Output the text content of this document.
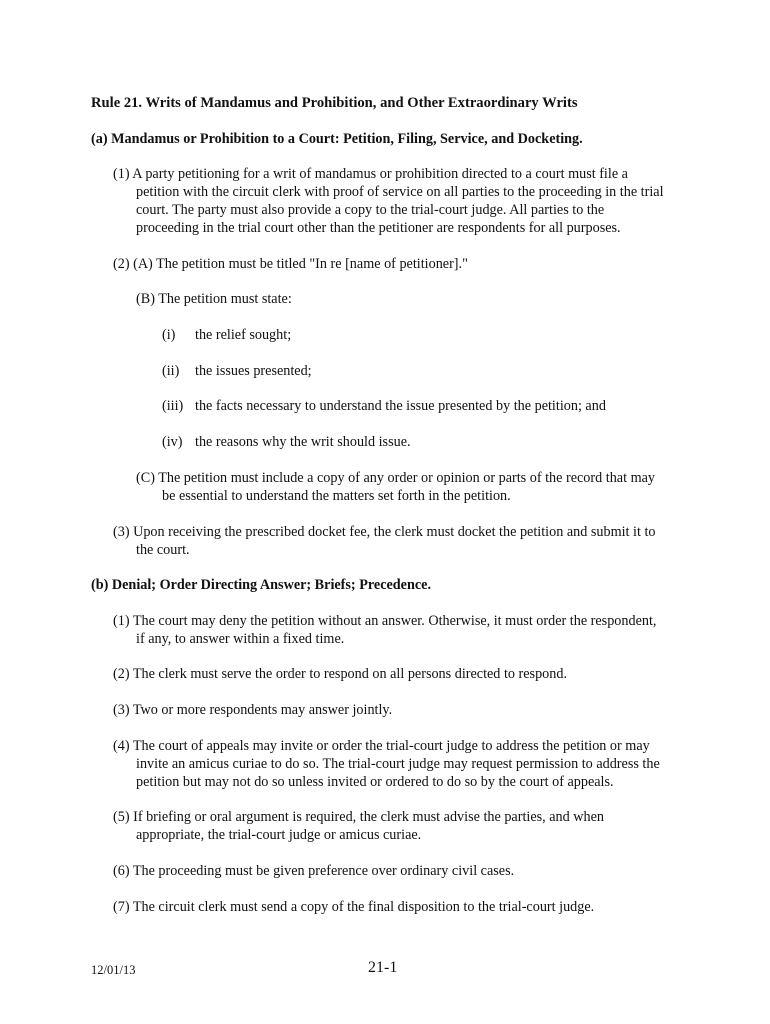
Rule 21. Writs of Mandamus and Prohibition, and Other Extraordinary Writs
(a) Mandamus or Prohibition to a Court: Petition, Filing, Service, and Docketing.
(1) A party petitioning for a writ of mandamus or prohibition directed to a court must file a
petition with the circuit clerk with proof of service on all parties to the proceeding in the trial
court. The party must also provide a copy to the trial-court judge. All parties to the
proceeding in the trial court other than the petitioner are respondents for all purposes.
(2) (A) The petition must be titled "In re [name of petitioner]."
(B) The petition must state:
(i) the relief sought;
(ii) the issues presented;
(iii) the facts necessary to understand the issue presented by the petition; and
(iv) the reasons why the writ should issue.
(C) The petition must include a copy of any order or opinion or parts of the record that may
be essential to understand the matters set forth in the petition.
(3) Upon receiving the prescribed docket fee, the clerk must docket the petition and submit it to
the court.
(b) Denial; Order Directing Answer; Briefs; Precedence.
(1) The court may deny the petition without an answer. Otherwise, it must order the respondent,
if any, to answer within a fixed time.
(2) The clerk must serve the order to respond on all persons directed to respond.
(3) Two or more respondents may answer jointly.
(4) The court of appeals may invite or order the trial-court judge to address the petition or may
invite an amicus curiae to do so. The trial-court judge may request permission to address the
petition but may not do so unless invited or ordered to do so by the court of appeals.
(5) If briefing or oral argument is required, the clerk must advise the parties, and when
appropriate, the trial-court judge or amicus curiae.
(6) The proceeding must be given preference over ordinary civil cases.
(7) The circuit clerk must send a copy of the final disposition to the trial-court judge.
12/01/13	21-1
